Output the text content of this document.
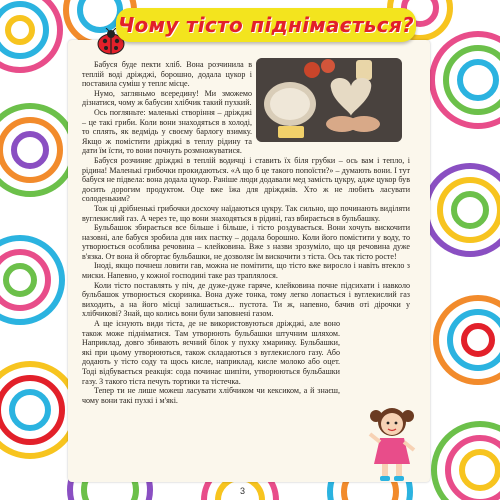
Чому тісто піднімається?

Бабуся буде пекти хліб. Вона розчинила в теплій воді дріжджі, борошно, додала цукор і поставила суміш у теплє місце.

Нумо, загляньмо всередину! Ми зможемо дізнатися, чому ж бабусин хлібчик такий пухкий.

Ось погляньте: маленькі створіння – дріжджі – це такі гриби. Коли вони знаходяться в холоді, то сплять, як ведмідь у своєму барлогу взимку. Якщо ж помістити дріжджі в теплу рідину та дати їм їсти, то вони почнуть розмножуватися.

Бабуся розчиняє дріжджі в теплій водичці і ставить їх біля грубки – ось вам і тепло, і рідина! Маленькі грибочки прокидаються. «А що б це такого попоїсти?» – думають вони. І тут бабуся не підвела: вона додала цукор. Раніше люди додавали мед замість цукру, адже цукор був досить дорогим продуктом. Оце вже їжа для дріжджів. Хто ж не любить ласувати солоденьким?

Тож ці дрібненькі грибочки досхочу наїдаються цукру. Так сильно, що починають виділяти вуглекислий газ. А через те, що вони знаходяться в рідині, газ вбирається в бульбашку.

Бульбашок збирається все більше і більше, і тісто роздувається. Вони хочуть вискочити назовні, але бабуся зробила для них пастку – додала борошно. Коли його помістити у воду, то утворюється особлива речовина – клейковина. Вже з назви зрозуміло, що ця речовина дуже в'язка. От вона й обгортає бульбашки, не дозволяє їм вискочити з тіста. Ось так тісто росте!

Іноді, якщо почнеш ловити гав, можна не помітити, що тісто вже виросло і навіть втекло з миски. Напевно, у кожної господині таке раз траплялося.

Коли тісто поставлять у піч, де дуже-дуже гаряче, клейковина почне підсихати і навколо бульбашок утворюється скоринка. Вона дуже тонка, тому легко лопається і вуглекислий газ виходить, а на його місці залишається... пустота. Ти ж, напевно, бачив оті дірочки у хлібчикові? Знай, що колись вони були заповнені газом.

А ще існують види тіста, де не використовуються дріжджі, але воно також може підніматися. Там утворюють бульбашки штучним шляхом. Наприклад, довго збивають яєчний білок у пухку хмаринку. Бульбашки, які при цьому утворюються, також складаються з вуглекислого газу. Або додають у тісто соду та щось кисле, наприклад, кисле молоко або оцет. Тоді відбувається реакція: сода починає шипіти, утворюються бульбашки газу. З такого тіста печуть тортики та тістечка.

Тепер ти не лише можеш ласувати хлібчиком чи кексиком, а й знаєш, чому вони такі пухкі і м'які.

3
